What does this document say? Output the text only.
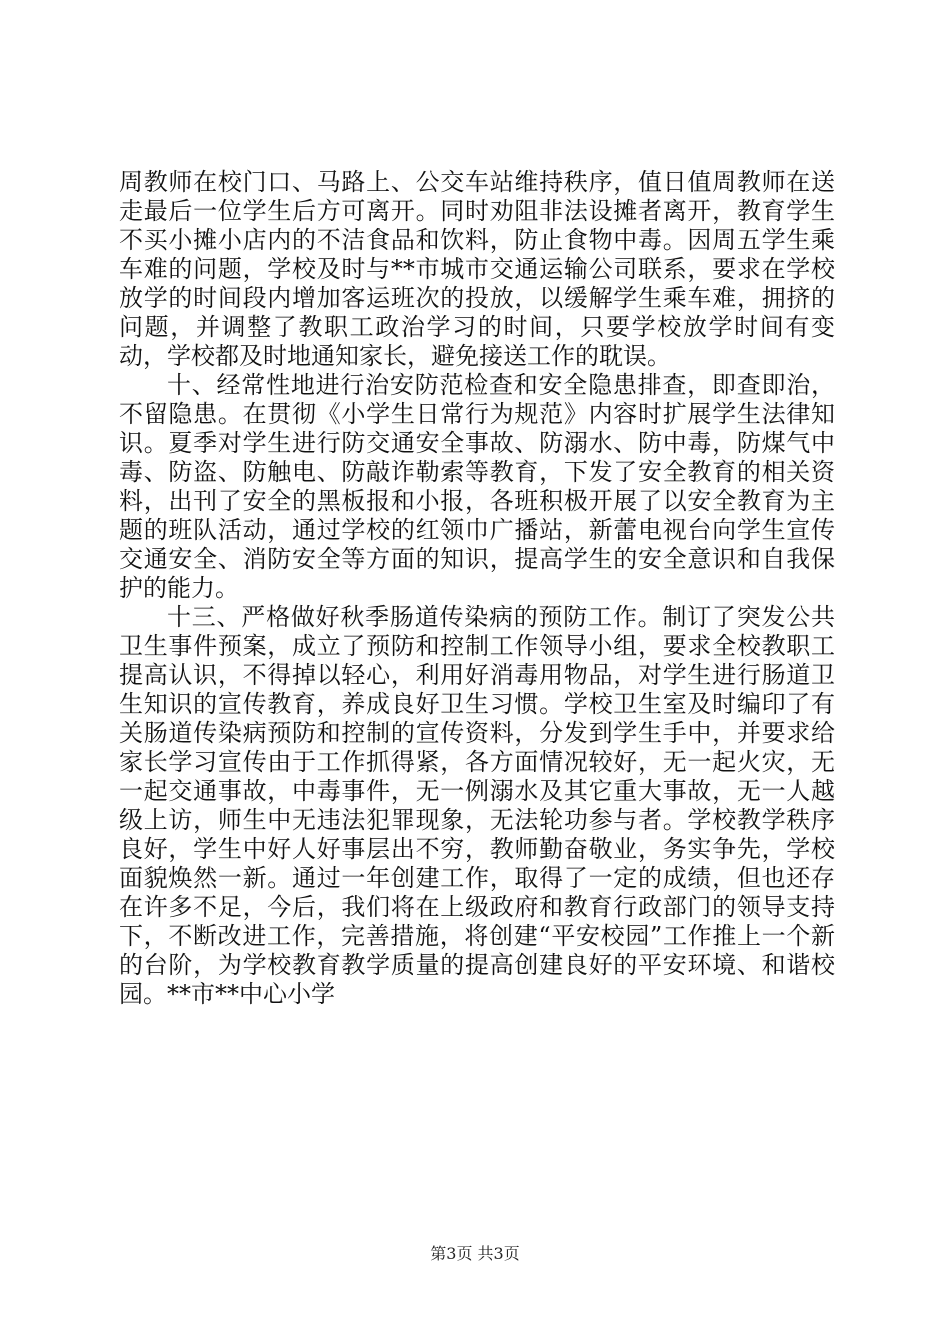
周教师在校门口、马路上、公交车站维持秩序，值日值周教师在送走最后一位学生后方可离开。同时劝阻非法设摊者离开，教育学生不买小摊小店内的不洁食品和饮料，防止食物中毒。因周五学生乘车难的问题，学校及时与**市城市交通运输公司联系，要求在学校放学的时间段内增加客运班次的投放，以缓解学生乘车难，拥挤的问题，并调整了教职工政治学习的时间，只要学校放学时间有变动，学校都及时地通知家长，避免接送工作的耽误。

十、经常性地进行治安防范检查和安全隐患排查，即查即治，不留隐患。在贯彻《小学生日常行为规范》内容时扩展学生法律知识。夏季对学生进行防交通安全事故、防溺水、防中毒，防煤气中毒、防盗、防触电、防敲诈勒索等教育，下发了安全教育的相关资料，出刊了安全的黑板报和小报，各班积极开展了以安全教育为主题的班队活动，通过学校的红领巾广播站，新蕾电视台向学生宣传交通安全、消防安全等方面的知识，提高学生的安全意识和自我保护的能力。

十三、严格做好秋季肠道传染病的预防工作。制订了突发公共卫生事件预案，成立了预防和控制工作领导小组，要求全校教职工提高认识，不得掉以轻心，利用好消毒用物品，对学生进行肠道卫生知识的宣传教育，养成良好卫生习惯。学校卫生室及时编印了有关肠道传染病预防和控制的宣传资料，分发到学生手中，并要求给家长学习宣传由于工作抓得紧，各方面情况较好，无一起火灾，无一起交通事故，中毒事件，无一例溺水及其它重大事故，无一人越级上访，师生中无违法犯罪现象，无法轮功参与者。学校教学秩序良好，学生中好人好事层出不穷，教师勤奋敬业，务实争先，学校面貌焕然一新。通过一年创建工作，取得了一定的成绩，但也还存在许多不足，今后，我们将在上级政府和教育行政部门的领导支持下，不断改进工作，完善措施，将创建“平安校园”工作推上一个新的台阶，为学校教育教学质量的提高创建良好的平安环境、和谐校园。**市**中心小学

第3页 共3页
